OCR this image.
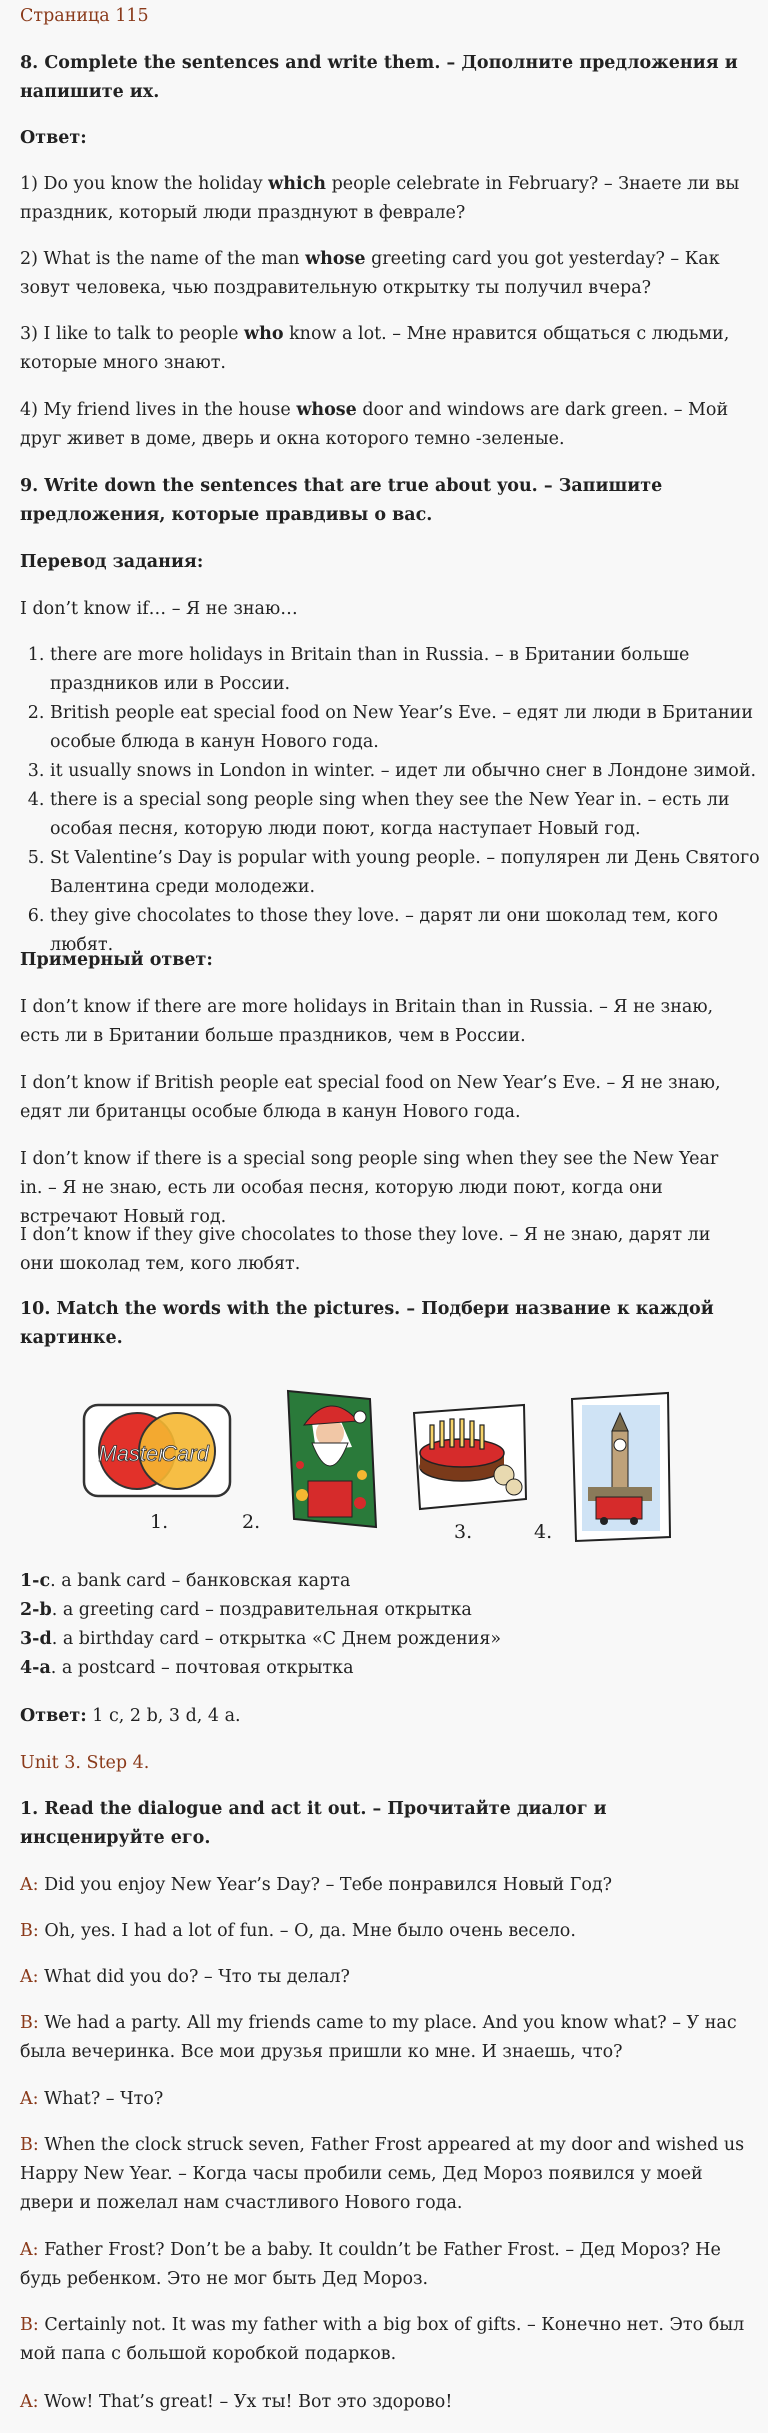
Страница 115

8. Complete the sentences and write them. – Дополните предложения и напишите их.

Ответ:

1) Do you know the holiday which people celebrate in February? – Знаете ли вы праздник, который люди празднуют в феврале?

2) What is the name of the man whose greeting card you got yesterday? – Как зовут человека, чью поздравительную открытку ты получил вчера?

3) I like to talk to people who know a lot. – Мне нравится общаться с людьми, которые много знают.

4) My friend lives in the house whose door and windows are dark green. – Мой друг живет в доме, дверь и окна которого темно -зеленые.

9. Write down the sentences that are true about you. – Запишите предложения, которые правдивы о вас.

Перевод задания:

I don’t know if… – Я не знаю…

1. there are more holidays in Britain than in Russia. – в Британии больше праздников или в России.
2. British people eat special food on New Year’s Eve. – едят ли люди в Британии особые блюда в канун Нового года.
3. it usually snows in London in winter. – идет ли обычно снег в Лондоне зимой.
4. there is a special song people sing when they see the New Year in. – есть ли особая песня, которую люди поют, когда наступает Новый год.
5. St Valentine’s Day is popular with young people. – популярен ли День Святого Валентина среди молодежи.
6. they give chocolates to those they love. – дарят ли они шоколад тем, кого любят.

Примерный ответ:

I don’t know if there are more holidays in Britain than in Russia. – Я не знаю, есть ли в Британии больше праздников, чем в России.

I don’t know if British people eat special food on New Year’s Eve. – Я не знаю, едят ли британцы особые блюда в канун Нового года.

I don’t know if there is a special song people sing when they see the New Year in. – Я не знаю, есть ли особая песня, которую люди поют, когда они встречают Новый год.

I don’t know if they give chocolates to those they love. – Я не знаю, дарят ли они шоколад тем, кого любят.

10. Match the words with the pictures. – Подбери название к каждой картинке.

Master
Card
1.	2.	3.	4.

1-c. a bank card – банковская карта

2-b. a greeting card – поздравительная открытка

3-d. a birthday card – открытка «С Днем рождения»

4-a. a postcard – почтовая открытка

Ответ: 1 c, 2 b, 3 d, 4 a.

Unit 3. Step 4.

1. Read the dialogue and act it out. – Прочитайте диалог и инсценируйте его.

A: Did you enjoy New Year’s Day? – Тебе понравился Новый Год?

B: Oh, yes. I had a lot of fun. – О, да. Мне было очень весело.

A: What did you do? – Что ты делал?

B: We had a party. All my friends came to my place. And you know what? – У нас была вечеринка. Все мои друзья пришли ко мне. И знаешь, что?

A: What? – Что?

B: When the clock struck seven, Father Frost appeared at my door and wished us Happy New Year. – Когда часы пробили семь, Дед Мороз появился у моей двери и пожелал нам счастливого Нового года.

A: Father Frost? Don’t be a baby. It couldn’t be Father Frost. – Дед Мороз? Не будь ребенком. Это не мог быть Дед Мороз.

B: Certainly not. It was my father with a big box of gifts. – Конечно нет. Это был мой папа с большой коробкой подарков.

A: Wow! That’s great! – Ух ты! Вот это здорово!
